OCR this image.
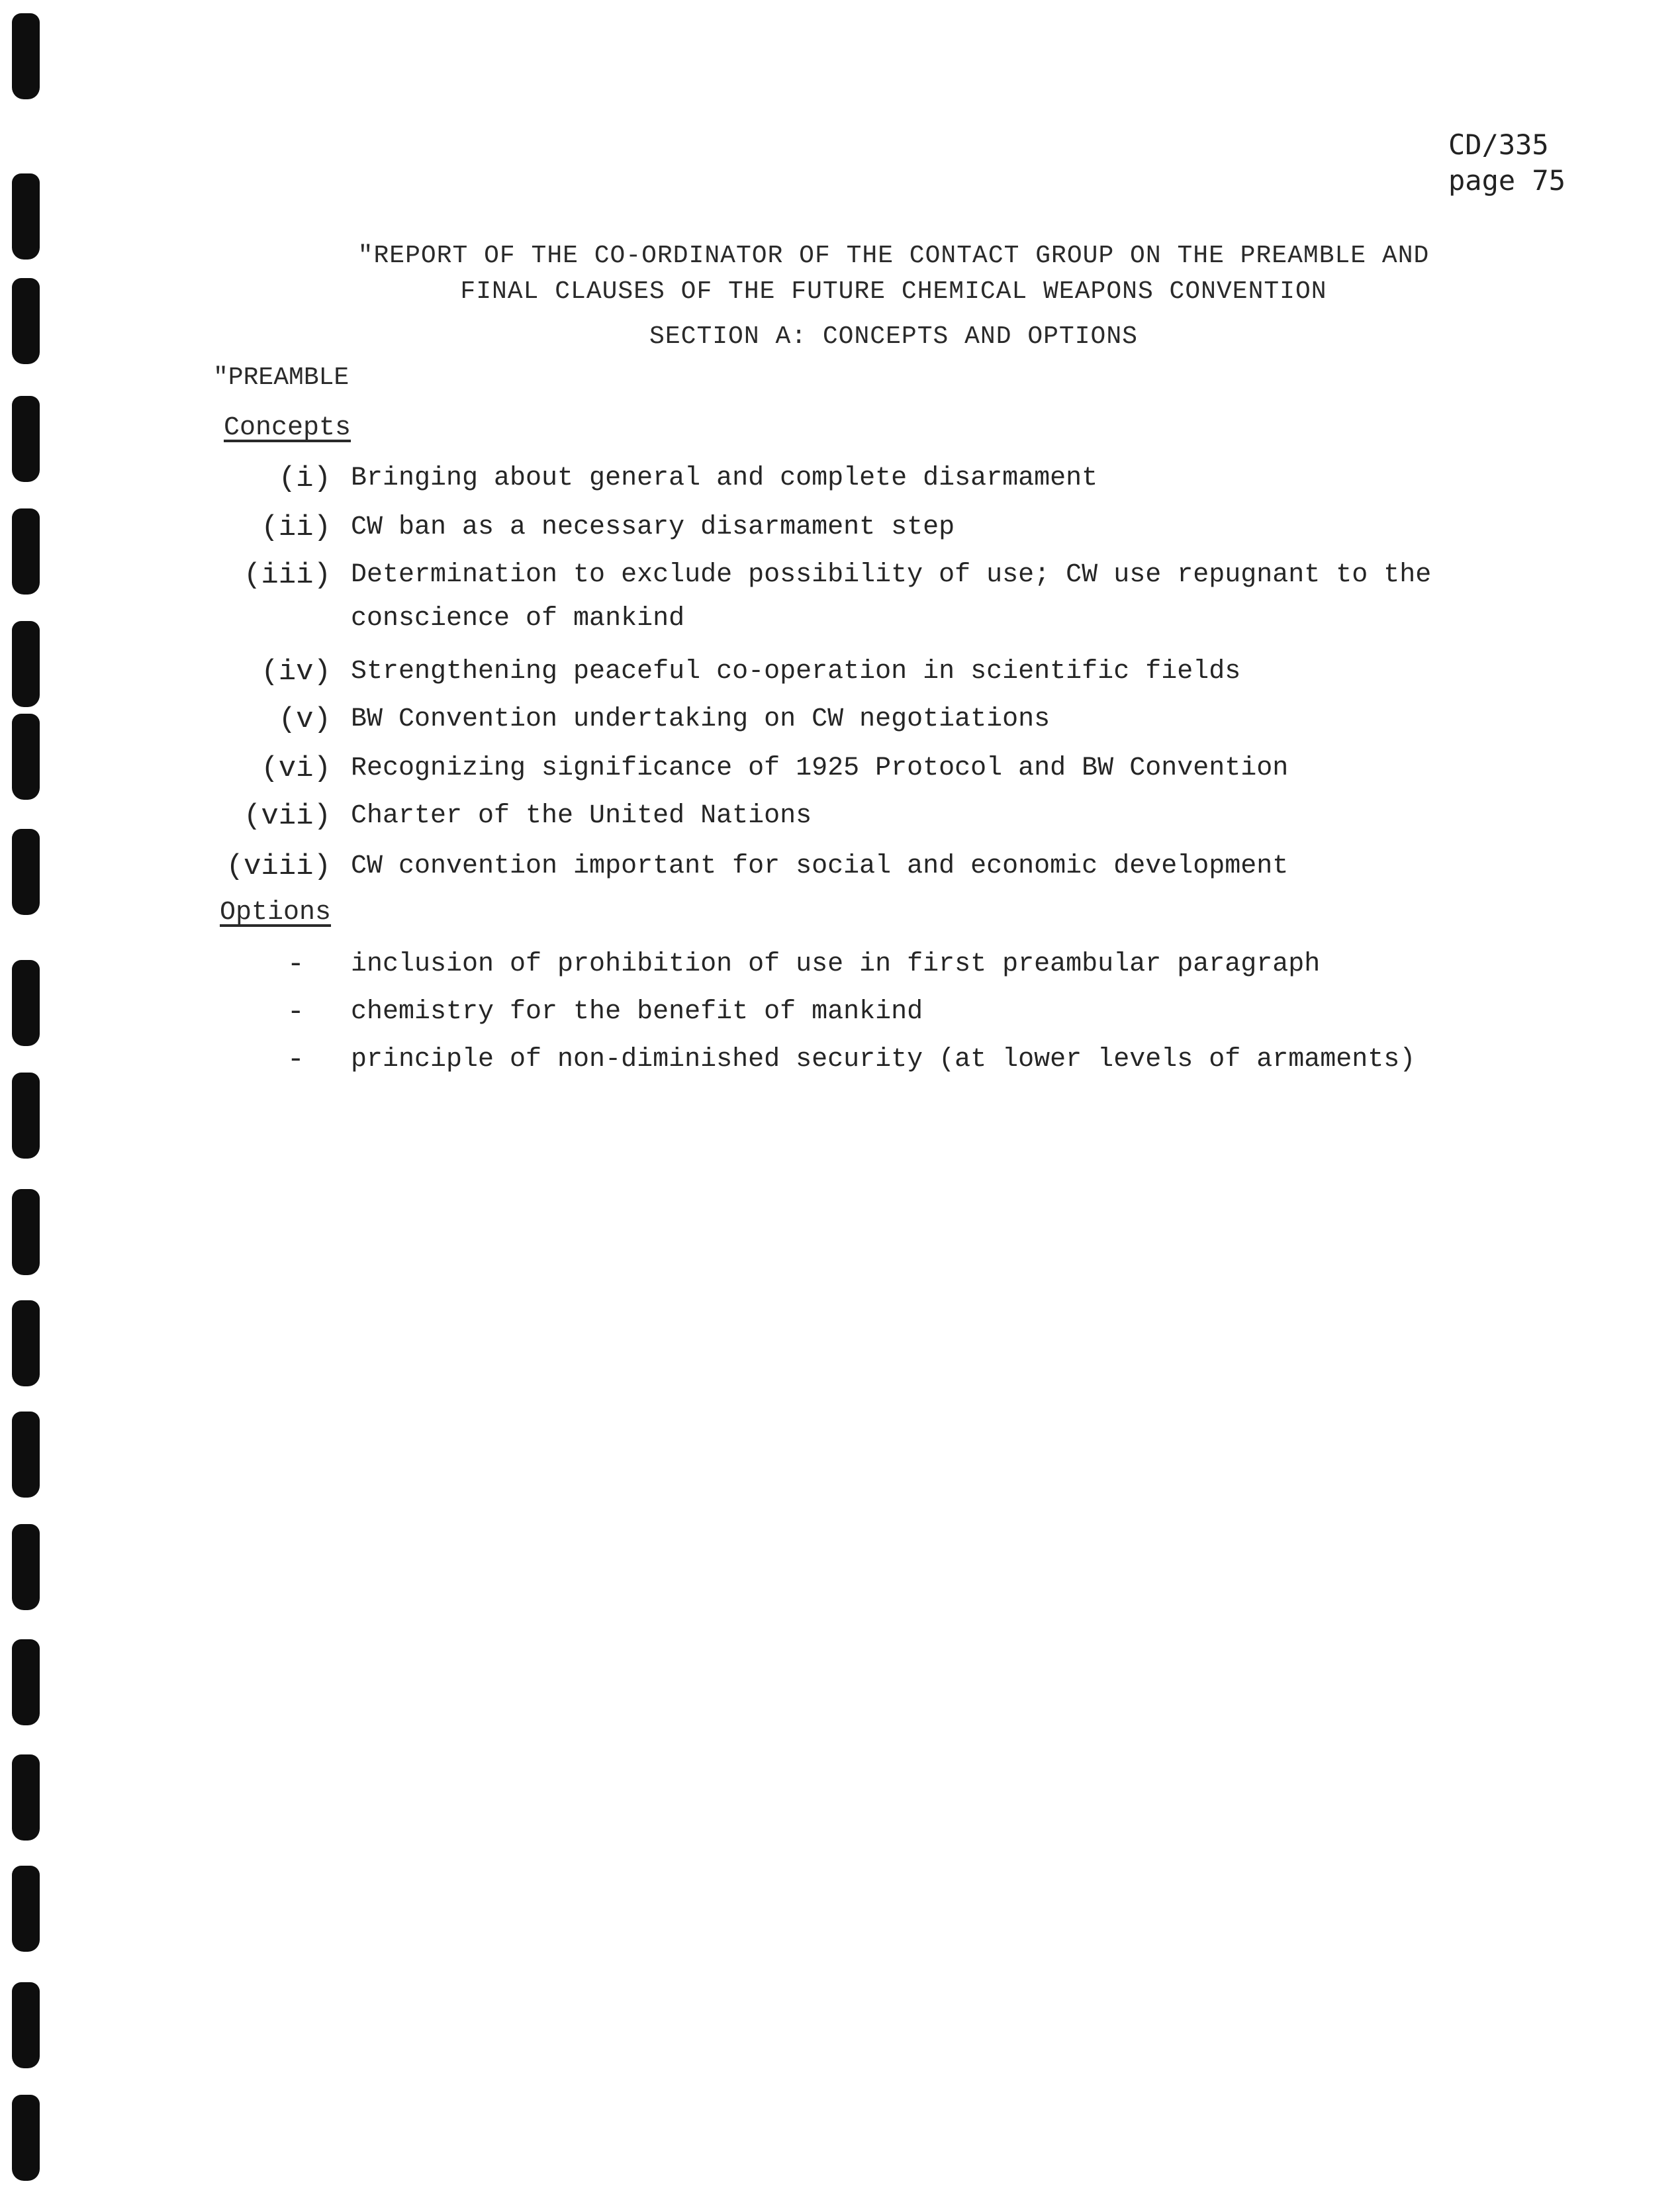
CD/335
page 75
"REPORT OF THE CO-ORDINATOR OF THE CONTACT GROUP ON THE PREAMBLE AND
FINAL CLAUSES OF THE FUTURE CHEMICAL WEAPONS CONVENTION
SECTION A: CONCEPTS AND OPTIONS
"PREAMBLE
Concepts
(i) Bringing about general and complete disarmament
(ii) CW ban as a necessary disarmament step
(iii) Determination to exclude possibility of use; CW use repugnant to the conscience of mankind
(iv) Strengthening peaceful co-operation in scientific fields
(v) BW Convention undertaking on CW negotiations
(vi) Recognizing significance of 1925 Protocol and BW Convention
(vii) Charter of the United Nations
(viii) CW convention important for social and economic development
Options
- inclusion of prohibition of use in first preambular paragraph
- chemistry for the benefit of mankind
- principle of non-diminished security (at lower levels of armaments)
